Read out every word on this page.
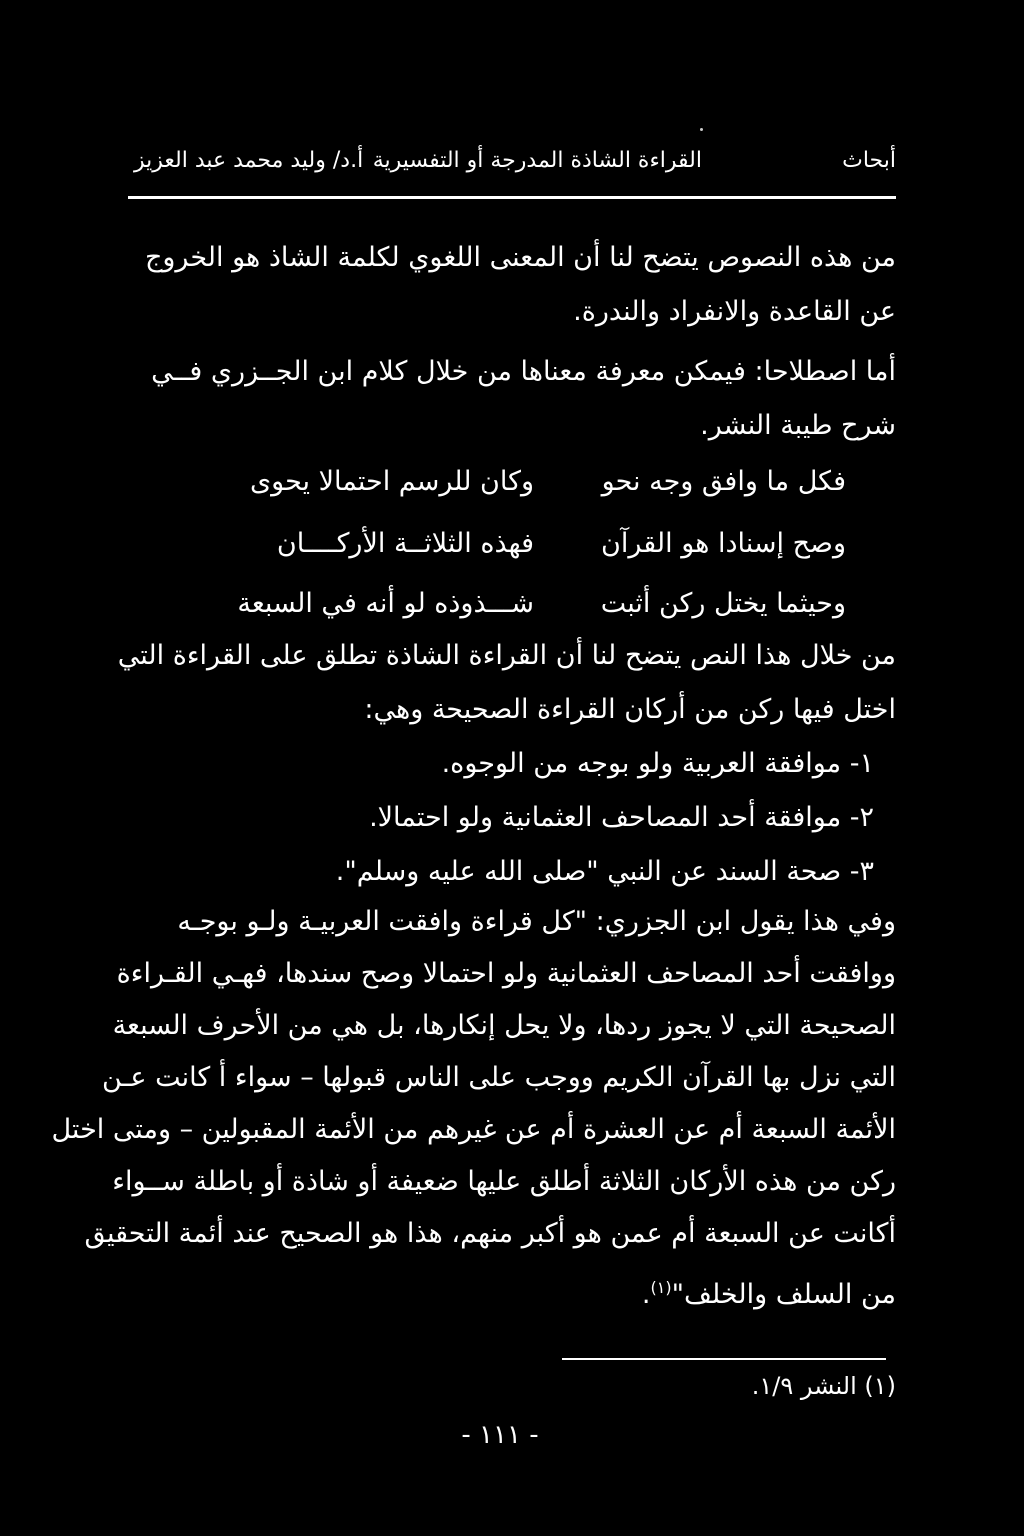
أبحاث
القراءة الشاذة المدرجة أو التفسيرية
أ.د/ وليد محمد عبد العزيز
من هذه النصوص يتضح لنا أن المعنى اللغوي لكلمة الشاذ هو الخروج
عن القاعدة والانفراد والندرة.
أما اصطلاحا: فيمكن معرفة معناها من خلال كلام ابن الجــزري فــي
شرح طيبة النشر.
فكل ما وافق وجه نحو
وكان للرسم احتمالا يحوى
وصح إسنادا هو القرآن
فهذه الثلاثــة الأركــــان
وحيثما يختل ركن أثبت
شـــذوذه لو أنه في السبعة
من خلال هذا النص يتضح لنا أن القراءة الشاذة تطلق على القراءة التي
اختل فيها ركن من أركان القراءة الصحيحة وهي:
١- موافقة العربية ولو بوجه من الوجوه.
٢- موافقة أحد المصاحف العثمانية ولو احتمالا.
٣- صحة السند عن النبي "صلى الله عليه وسلم".
وفي هذا يقول ابن الجزري: "كل قراءة وافقت العربيـة ولـو بوجـه
ووافقت أحد المصاحف العثمانية ولو احتمالا وصح سندها، فهـي القـراءة
الصحيحة التي لا يجوز ردها، ولا يحل إنكارها، بل هي من الأحرف السبعة
التي نزل بها القرآن الكريم ووجب على الناس قبولها – سواء أ كانت عـن
الأئمة السبعة أم عن العشرة أم عن غيرهم من الأئمة المقبولين – ومتى اختل
ركن من هذه الأركان الثلاثة أطلق عليها ضعيفة أو شاذة أو باطلة ســواء
أكانت عن السبعة أم عمن هو أكبر منهم، هذا هو الصحيح عند أئمة التحقيق
من السلف والخلف"$^{(١)}$.
(١) النشر ١/٩.
- ١١١ -
